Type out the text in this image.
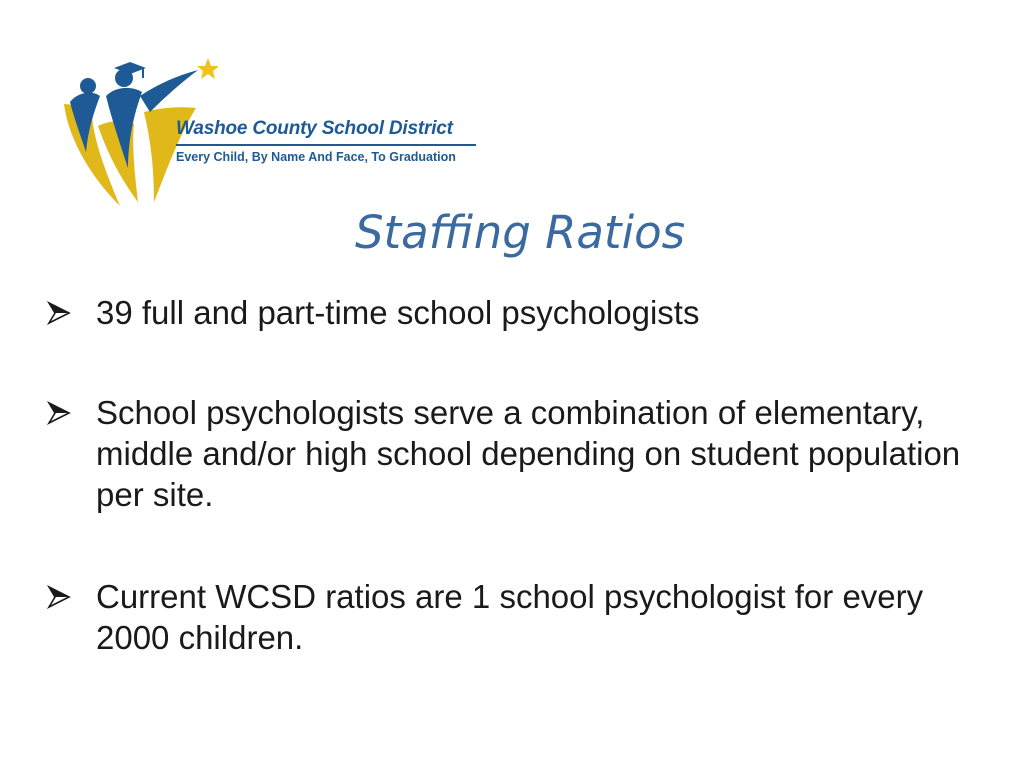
Washoe County School District
Every Child, By Name And Face, To Graduation
Staffing Ratios
39 full and part-time school psychologists
School psychologists serve a combination of elementary, middle and/or high school depending on student population per site.
Current WCSD ratios are 1 school psychologist for every 2000 children.
